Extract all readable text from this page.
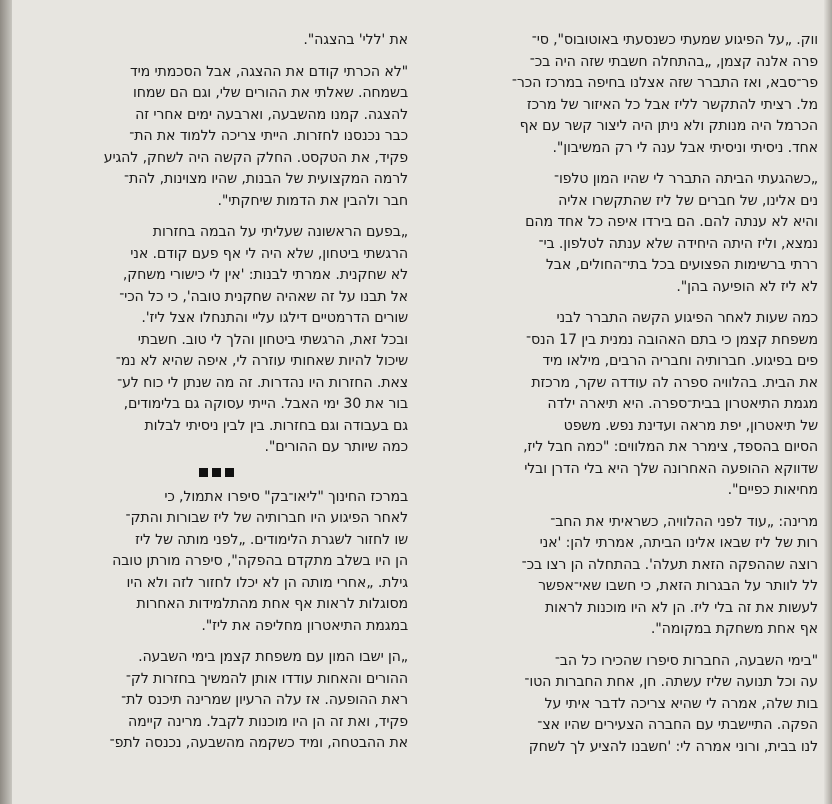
ווק. „על הפיגוע שמעתי כשנסעתי באוטובוס", סי־
פרה אלנה קצמן, „בהתחלה חשבתי שזה היה בכ־
פר־סבא, ואז התברר שזה אצלנו בחיפה במרכז הכר־
מל. רציתי להתקשר לליז אבל כל האיזור של מרכז
הכרמל היה מנותק ולא ניתן היה ליצור קשר עם אף
אחד. ניסיתי וניסיתי אבל ענה לי רק המשיבון".

„כשהגעתי הביתה התברר לי שהיו המון טלפו־
נים אלינו, של חברים של ליז שהתקשרו אליה
והיא לא ענתה להם. הם בירדו איפה כל אחד מהם
נמצא, וליז היתה היחידה שלא ענתה לטלפון. בי־
ררתי ברשימות הפצועים בכל בתי־החולים, אבל
לא ליז לא הופיעה בהן".

כמה שעות לאחר הפיגוע הקשה התברר לבני
משפחת קצמן כי בתם האהובה נמנית בין 17 הנס־
פים בפיגוע. חברותיה וחבריה הרבים, מילאו מיד
את הבית. בהלוויה ספרה לה עודדה שקר, מרכזת
מגמת התיאטרון בבית־ספרה. היא תיארה ילדה
של תיאטרון, יפת מראה ועדינת נפש. משפט
הסיום בהספד, צימרר את המלווים: "כמה חבל ליז,
שדווקא ההופעה האחרונה שלך היא בלי הדרן ובלי
מחיאות כפיים".

מרינה: „עוד לפני ההלוויה, כשראיתי את החב־
רות של ליז שבאו אלינו הביתה, אמרתי להן: 'אני
רוצה שההפקה הזאת תעלה'. בהתחלה הן רצו בכ־
לל לוותר על הבגרות הזאת, כי חשבו שאי־אפשר
לעשות את זה בלי ליז. הן לא היו מוכנות לראות
אף אחת משחקת במקומה".

"בימי השבעה, החברות סיפרו שהכירו כל הב־
עה וכל תנועה שליז עשתה. חן, אחת החברות הטו־
בות שלה, אמרה לי שהיא צריכה לדבר איתי על
הפקה. התיישבתי עם החברה הצעירים שהיו אצ־
לנו בבית, ורוני אמרה לי: 'חשבנו להציע לך לשחק

את 'ללי' בהצגה".

"לא הכרתי קודם את ההצגה, אבל הסכמתי מיד
בשמחה. שאלתי את ההורים שלי, וגם הם שמחו
להצגה. קמנו מהשבעה, וארבעה ימים אחרי זה
כבר נכנסנו לחזרות. הייתי צריכה ללמוד את הת־
פקיד, את הטקסט. החלק הקשה היה לשחק, להגיע
לרמה המקצועית של הבנות, שהיו מצוינות, להת־
חבר ולהבין את הדמות שיחקתי".

„בפעם הראשונה שעליתי על הבמה בחזרות
הרגשתי ביטחון, שלא היה לי אף פעם קודם. אני
לא שחקנית. אמרתי לבנות: 'אין לי כישורי משחק,
אל תבנו על זה שאהיה שחקנית טובה', כי כל הכי־
שורים הדרמטיים דילגו עליי והתנחלו אצל ליז'.
ובכל זאת, הרגשתי ביטחון והלך לי טוב. חשבתי
שיכול להיות שאחותי עוזרה לי, איפה שהיא לא נמ־
צאת. החזרות היו נהדרות. זה מה שנתן לי כוח לע־
בור את 30 ימי האבל. הייתי עסוקה גם בלימודים,
גם בעבודה וגם בחזרות. בין לבין ניסיתי לבלות
כמה שיותר עם ההורים".

במרכז החינוך "ליאו־בק" סיפרו אתמול, כי
לאחר הפיגוע היו חברותיה של ליז שבורות והתק־
שו לחזור לשגרת הלימודים. „לפני מותה של ליז
הן היו בשלב מתקדם בהפקה", סיפרה מורתן טובה
גילת. „אחרי מותה הן לא יכלו לחזור לזה ולא היו
מסוגלות לראות אף אחת מהתלמידות האחרות
במגמת התיאטרון מחליפה את ליז".

„הן ישבו המון עם משפחת קצמן בימי השבעה.
ההורים והאחות עודדו אותן להמשיך בחזרות לק־
ראת ההופעה. אז עלה הרעיון שמרינה תיכנס לת־
פקיד, ואת זה הן היו מוכנות לקבל. מרינה קיימה
את ההבטחה, ומיד כשקמה מהשבעה, נכנסה לתפ־
